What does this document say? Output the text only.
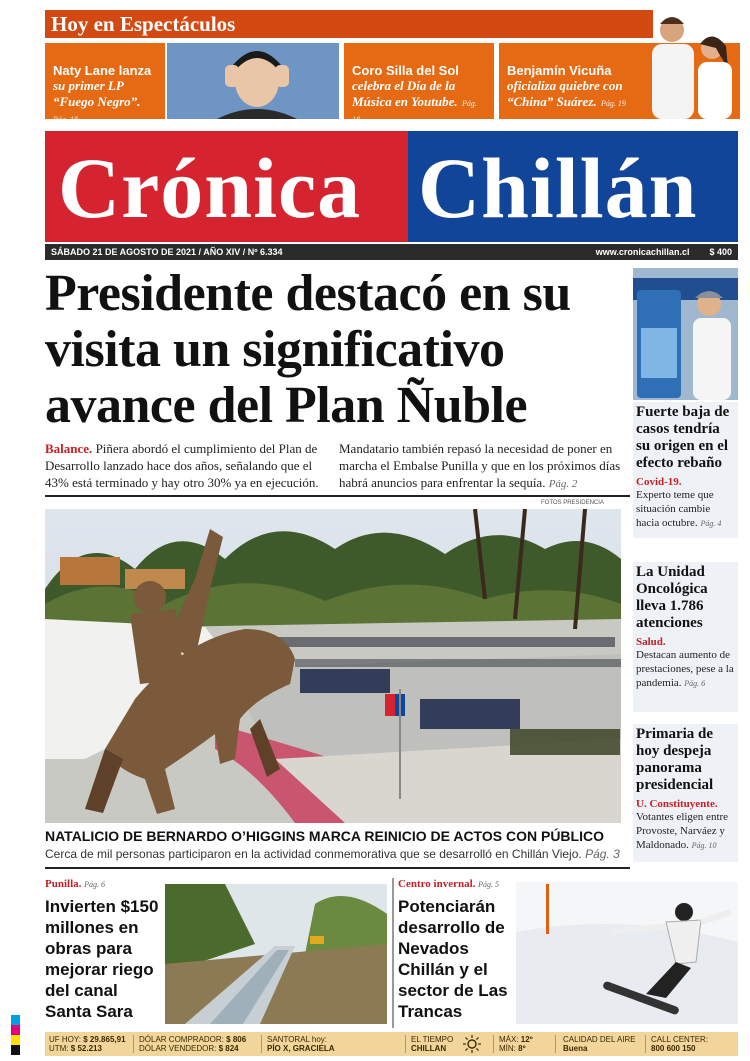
Hoy en Espectáculos
Naty Lane lanza
su primer LP “Fuego Negro”. Pág. 18
Coro Silla del Sol
celebra el Día de la Música en Youtube. Pág. 18
Benjamín Vicuña
oficializa quiebre con “China” Suárez. Pág. 19
Crónica Chillán
SÁBADO 21 DE AGOSTO DE 2021 / AÑO XIV / Nº 6.334	www.cronicachillan.cl $ 400
Presidente destacó en su visita un significativo avance del Plan Ñuble
Balance. Piñera abordó el cumplimiento del Plan de Desarrollo lanzado hace dos años, señalando que el 43% está terminado y hay otro 30% ya en ejecución.
Mandatario también repasó la necesidad de poner en marcha el Embalse Punilla y que en los próximos días habrá anuncios para enfrentar la sequía. Pág. 2
FOTOS PRESIDENCIA
NATALICIO DE BERNARDO O’HIGGINS MARCA REINICIO DE ACTOS CON PÚBLICO
Cerca de mil personas participaron en la actividad conmemorativa que se desarrolló en Chillán Viejo. Pág. 3
Fuerte baja de casos tendría su origen en el efecto rebaño
Covid-19.

Experto teme que situación cambie hacia octubre. Pág. 4

La Unidad Oncológica lleva 1.786 atenciones
Salud.

Destacan aumento de prestaciones, pese a la pandemia. Pág. 6

Primaria de hoy despeja panorama presidencial
U. Constituyente.

Votantes eligen entre Provoste, Narváez y Maldonado. Pág. 10

Punilla. Pág. 6
Invierten $150 millones en obras para mejorar riego del canal Santa Sara
Centro invernal. Pág. 5
Potenciarán desarrollo de Nevados Chillán y el sector de Las Trancas
UF HOY: $ 29.865,91
UTM: $ 52.213
DÓLAR COMPRADOR: $ 806
DÓLAR VENDEDOR: $ 824
SANTORAL hoy:
PÍO X, GRACIELA
EL TIEMPO
CHILLAN
MÁX: 12º
MÍN: 8º
CALIDAD DEL AIRE
Buena
CALL CENTER:
800 600 150
